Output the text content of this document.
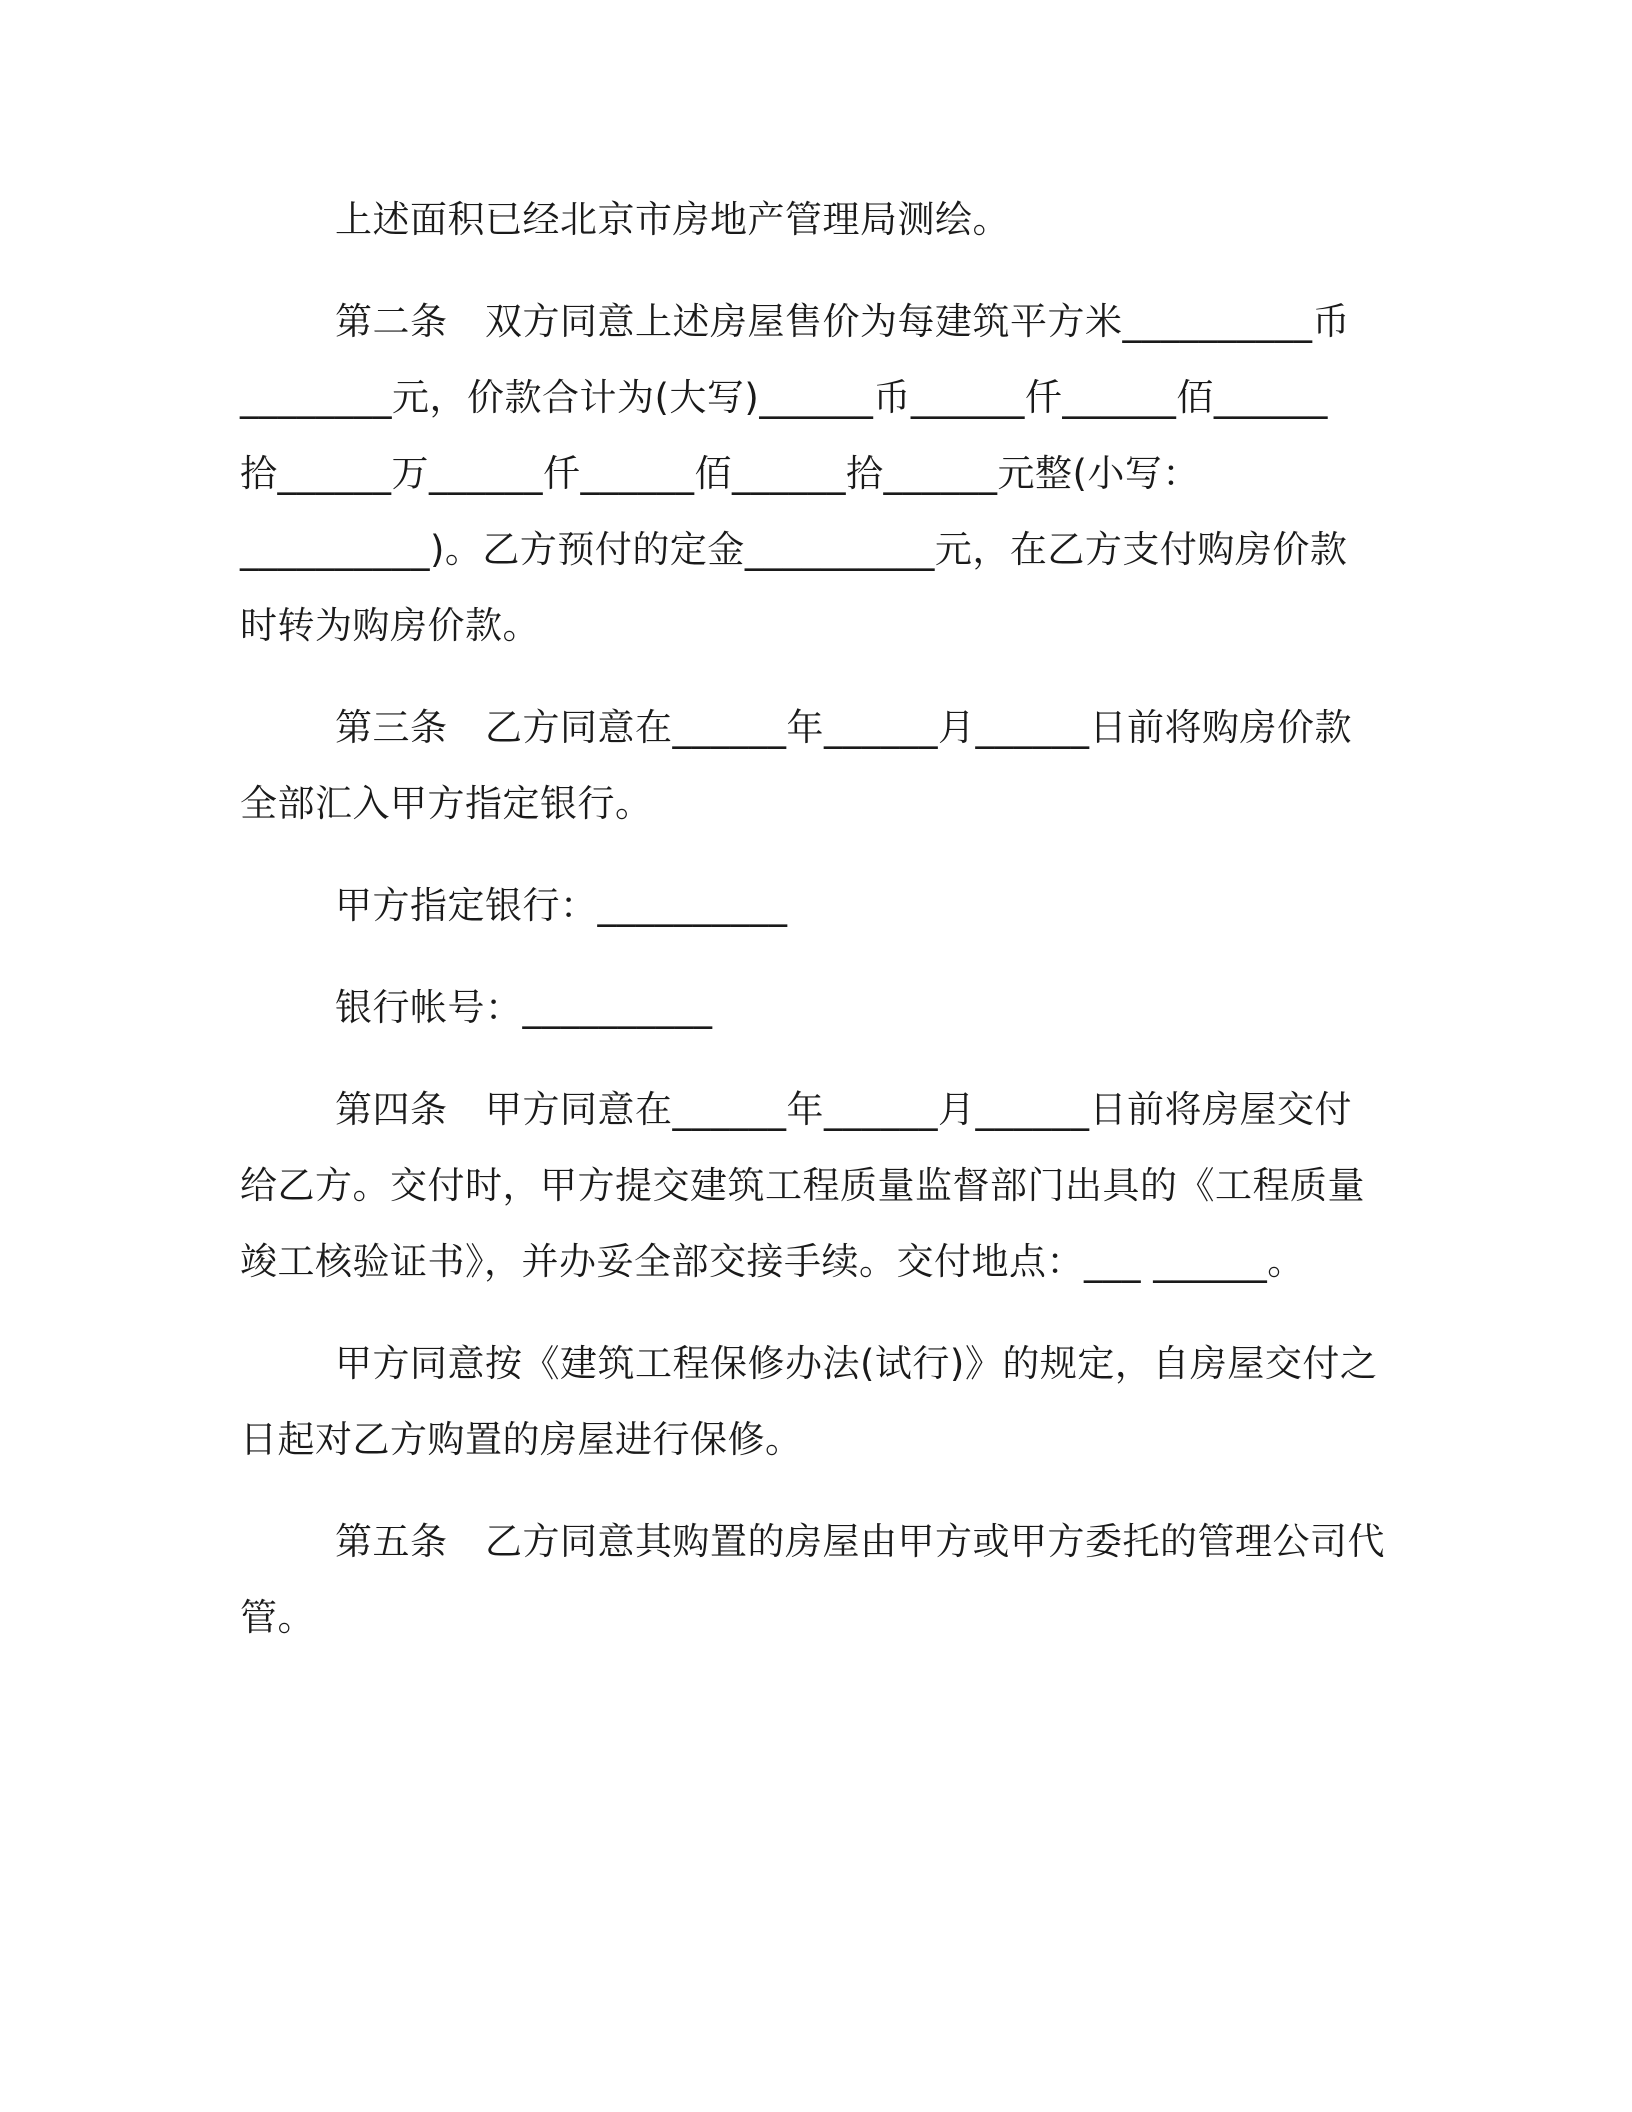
上述面积已经北京市房地产管理局测绘。
第二条　双方同意上述房屋售价为每建筑平方米__________币
________元，价款合计为(大写)______币______仟______佰______
拾______万______仟______佰______拾______元整(小写：
__________)。乙方预付的定金__________元，在乙方支付购房价款
时转为购房价款。
第三条　乙方同意在______年______月______日前将购房价款
全部汇入甲方指定银行。
甲方指定银行：__________
银行帐号：__________
第四条　甲方同意在______年______月______日前将房屋交付
给乙方。交付时，甲方提交建筑工程质量监督部门出具的《工程质量
竣工核验证书》，并办妥全部交接手续。交付地点：___ ______。
甲方同意按《建筑工程保修办法(试行)》的规定，自房屋交付之
日起对乙方购置的房屋进行保修。
第五条　乙方同意其购置的房屋由甲方或甲方委托的管理公司代
管。
